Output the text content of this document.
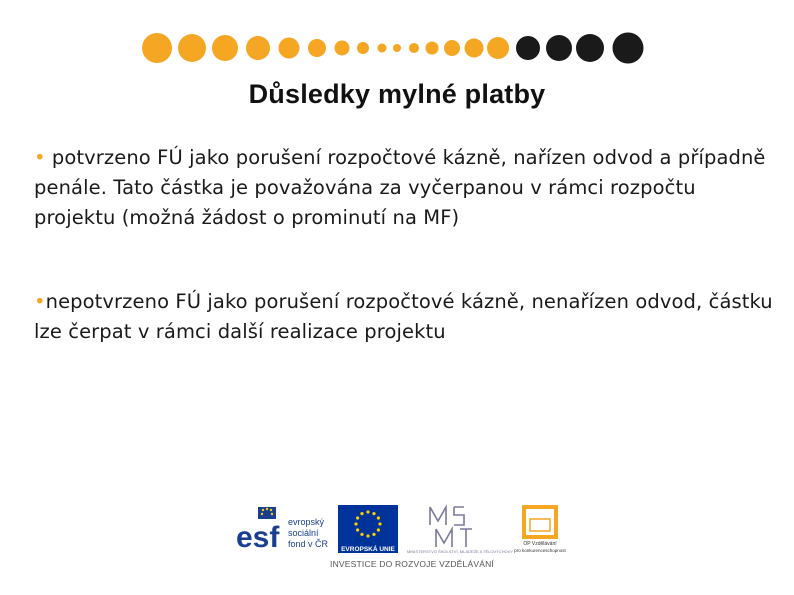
Důsledky mylné platby
• potvrzeno FÚ jako porušení rozpočtové kázně, nařízen odvod a případně penále. Tato částka je považována za vyčerpanou v rámci rozpočtu projektu (možná žádost o prominutí na MF)
•nepotvrzeno FÚ jako porušení rozpočtové kázně, nenařízen odvod, částku lze čerpat v rámci další realizace projektu
esf evropský
sociální
fond v ČR
EVROPSKÁ UNIE	MINISTERSTVO ŠKOLSTVÍ, MLÁDEŽE A TĚLOVÝCHOVY
OP Vzdělávání
pro konkurenceschopnost
INVESTICE DO ROZVOJE VZDĚLÁVÁNÍ
